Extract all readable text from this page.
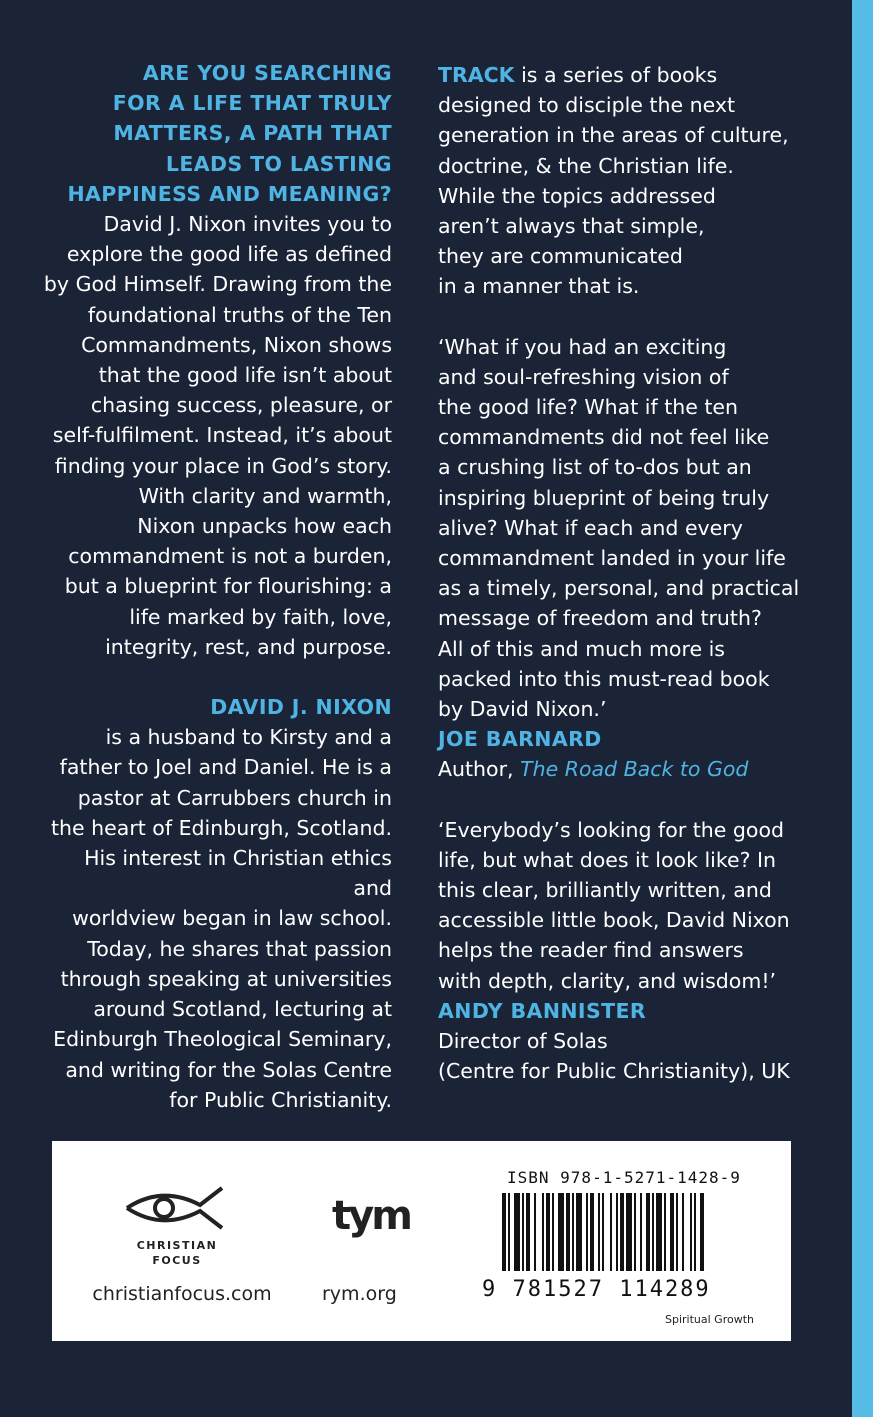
ARE YOU SEARCHING
FOR A LIFE THAT TRULY
MATTERS, A PATH THAT
LEADS TO LASTING
HAPPINESS AND MEANING?
David J. Nixon invites you to
explore the good life as defined
by God Himself. Drawing from the
foundational truths of the Ten
Commandments, Nixon shows
that the good life isn’t about
chasing success, pleasure, or
self-fulfilment. Instead, it’s about
finding your place in God’s story.
With clarity and warmth,
Nixon unpacks how each
commandment is not a burden,
but a blueprint for flourishing: a
life marked by faith, love,
integrity, rest, and purpose.
DAVID J. NIXON
is a husband to Kirsty and a
father to Joel and Daniel. He is a
pastor at Carrubbers church in
the heart of Edinburgh, Scotland.
His interest in Christian ethics and
worldview began in law school.
Today, he shares that passion
through speaking at universities
around Scotland, lecturing at
Edinburgh Theological Seminary,
and writing for the Solas Centre
for Public Christianity.
TRACK is a series of books
designed to disciple the next
generation in the areas of culture,
doctrine, & the Christian life.
While the topics addressed
aren’t always that simple,
they are communicated
in a manner that is.
‘What if you had an exciting
and soul-refreshing vision of
the good life? What if the ten
commandments did not feel like
a crushing list of to-dos but an
inspiring blueprint of being truly
alive? What if each and every
commandment landed in your life
as a timely, personal, and practical
message of freedom and truth?
All of this and much more is
packed into this must-read book
by David Nixon.’
JOE BARNARD
Author, The Road Back to God
‘Everybody’s looking for the good
life, but what does it look like? In
this clear, brilliantly written, and
accessible little book, David Nixon
helps the reader find answers
with depth, clarity, and wisdom!’
ANDY BANNISTER
Director of Solas
(Centre for Public Christianity), UK
CHRISTIAN
FOCUS
christianfocus.com
tym
rym.org
ISBN 978-1-5271-1428-9
9 781527 114289
Spiritual Growth
